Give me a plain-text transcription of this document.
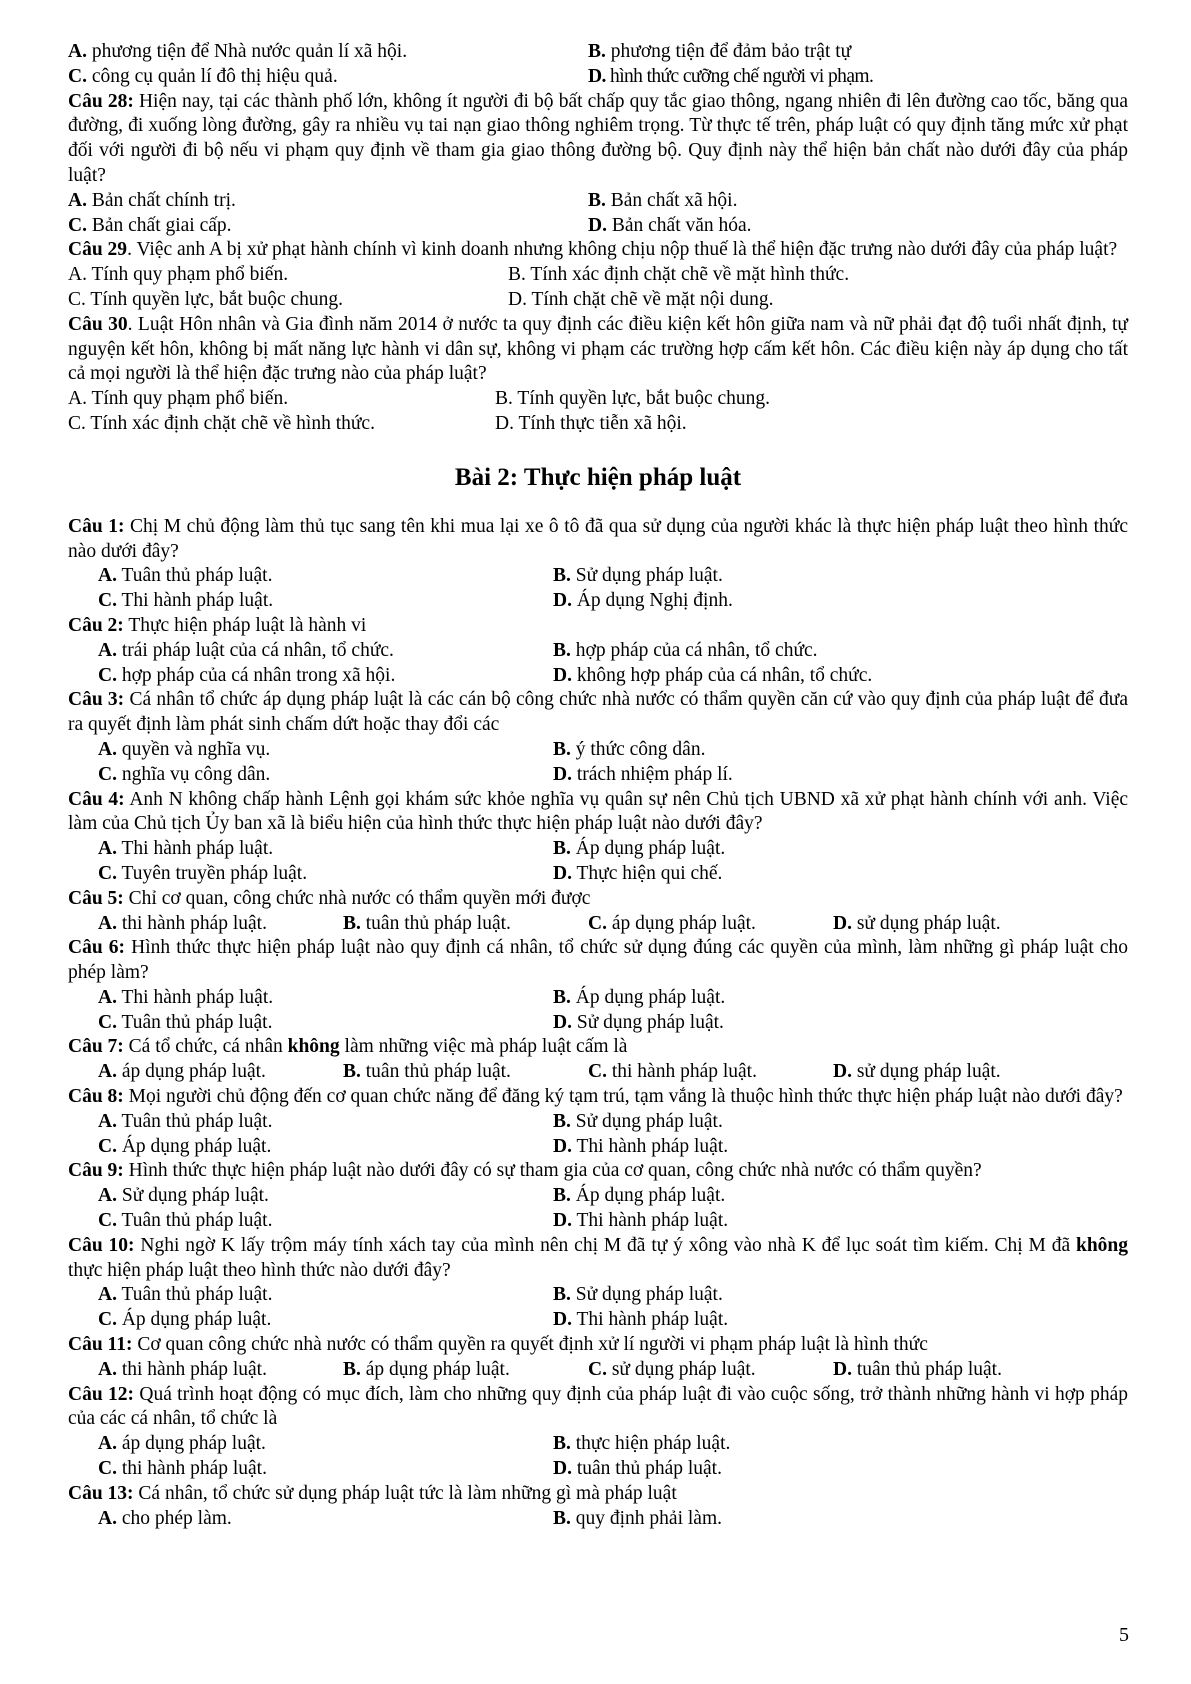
A. phương tiện để Nhà nước quản lí xã hội.	B. phương tiện để đảm bảo trật tự
C. công cụ quản lí đô thị hiệu quả.	D. hình thức cưỡng chế người vi phạm.
Câu 28: Hiện nay, tại các thành phố lớn, không ít người đi bộ bất chấp quy tắc giao thông, ngang nhiên đi lên đường cao tốc, băng qua đường, đi xuống lòng đường, gây ra nhiều vụ tai nạn giao thông nghiêm trọng. Từ thực tế trên, pháp luật có quy định tăng mức xử phạt đối với người đi bộ nếu vi phạm quy định về tham gia giao thông đường bộ. Quy định này thể hiện bản chất nào dưới đây của pháp luật?
A. Bản chất chính trị.	B. Bản chất xã hội.
C. Bản chất giai cấp.	D. Bản chất văn hóa.
Câu 29. Việc anh A bị xử phạt hành chính vì kinh doanh nhưng không chịu nộp thuế là thể hiện đặc trưng nào dưới đây của pháp luật?
A. Tính quy phạm phổ biến.	B. Tính xác định chặt chẽ về mặt hình thức.
C. Tính quyền lực, bắt buộc chung.	D. Tính chặt chẽ về mặt nội dung.
Câu 30. Luật Hôn nhân và Gia đình năm 2014 ở nước ta quy định các điều kiện kết hôn giữa nam và nữ phải đạt độ tuổi nhất định, tự nguyện kết hôn, không bị mất năng lực hành vi dân sự, không vi phạm các trường hợp cấm kết hôn. Các điều kiện này áp dụng cho tất cả mọi người là thể hiện đặc trưng nào của pháp luật?
A. Tính quy phạm phổ biến.	B. Tính quyền lực, bắt buộc chung.
C. Tính xác định chặt chẽ về hình thức.	D. Tính thực tiễn xã hội.
Bài 2: Thực hiện pháp luật
Câu 1: Chị M chủ động làm thủ tục sang tên khi mua lại xe ô tô đã qua sử dụng của người khác là thực hiện pháp luật theo hình thức nào dưới đây?
A. Tuân thủ pháp luật.	B. Sử dụng pháp luật.
C. Thi hành pháp luật.	D. Áp dụng Nghị định.
Câu 2: Thực hiện pháp luật là hành vi
A. trái pháp luật của cá nhân, tổ chức.	B. hợp pháp của cá nhân, tổ chức.
C. hợp pháp của cá nhân trong xã hội.	D. không hợp pháp của cá nhân, tổ chức.
Câu 3: Cá nhân tổ chức áp dụng pháp luật là các cán bộ công chức nhà nước có thẩm quyền căn cứ vào quy định của pháp luật để đưa ra quyết định làm phát sinh chấm dứt hoặc thay đổi các
A. quyền và nghĩa vụ.	B. ý thức công dân.
C. nghĩa vụ công dân.	D. trách nhiệm pháp lí.
Câu 4: Anh N không chấp hành Lệnh gọi khám sức khỏe nghĩa vụ quân sự nên Chủ tịch UBND xã xử phạt hành chính với anh. Việc làm của Chủ tịch Ủy ban xã là biểu hiện của hình thức thực hiện pháp luật nào dưới đây?
A. Thi hành pháp luật.	B. Áp dụng pháp luật.
C. Tuyên truyền pháp luật.	D. Thực hiện qui chế.
Câu 5: Chỉ cơ quan, công chức nhà nước có thẩm quyền mới được
A. thi hành pháp luật.	B. tuân thủ pháp luật.	C. áp dụng pháp luật.	D. sử dụng pháp luật.
Câu 6: Hình thức thực hiện pháp luật nào quy định cá nhân, tổ chức sử dụng đúng các quyền của mình, làm những gì pháp luật cho phép làm?
A. Thi hành pháp luật.	B. Áp dụng pháp luật.
C. Tuân thủ pháp luật.	D. Sử dụng pháp luật.
Câu 7: Cá tổ chức, cá nhân không làm những việc mà pháp luật cấm là
A. áp dụng pháp luật.	B. tuân thủ pháp luật.	C. thi hành pháp luật.	D. sử dụng pháp luật.
Câu 8: Mọi người chủ động đến cơ quan chức năng để đăng ký tạm trú, tạm vắng là thuộc hình thức thực hiện pháp luật nào dưới đây?
A. Tuân thủ pháp luật.	B. Sử dụng pháp luật.
C. Áp dụng pháp luật.	D. Thi hành pháp luật.
Câu 9: Hình thức thực hiện pháp luật nào dưới đây có sự tham gia của cơ quan, công chức nhà nước có thẩm quyền?
A. Sử dụng pháp luật.	B. Áp dụng pháp luật.
C. Tuân thủ pháp luật.	D. Thi hành pháp luật.
Câu 10: Nghi ngờ K lấy trộm máy tính xách tay của mình nên chị M đã tự ý xông vào nhà K để lục soát tìm kiếm. Chị M đã không thực hiện pháp luật theo hình thức nào dưới đây?
A. Tuân thủ pháp luật.	B. Sử dụng pháp luật.
C. Áp dụng pháp luật.	D. Thi hành pháp luật.
Câu 11: Cơ quan công chức nhà nước có thẩm quyền ra quyết định xử lí người vi phạm pháp luật là hình thức
A. thi hành pháp luật.	B. áp dụng pháp luật.	C. sử dụng pháp luật.	D. tuân thủ pháp luật.
Câu 12: Quá trình hoạt động có mục đích, làm cho những quy định của pháp luật đi vào cuộc sống, trở thành những hành vi hợp pháp của các cá nhân, tổ chức là
A. áp dụng pháp luật.	B. thực hiện pháp luật.
C. thi hành pháp luật.	D. tuân thủ pháp luật.
Câu 13: Cá nhân, tổ chức sử dụng pháp luật tức là làm những gì mà pháp luật
A. cho phép làm.	B. quy định phải làm.
5
